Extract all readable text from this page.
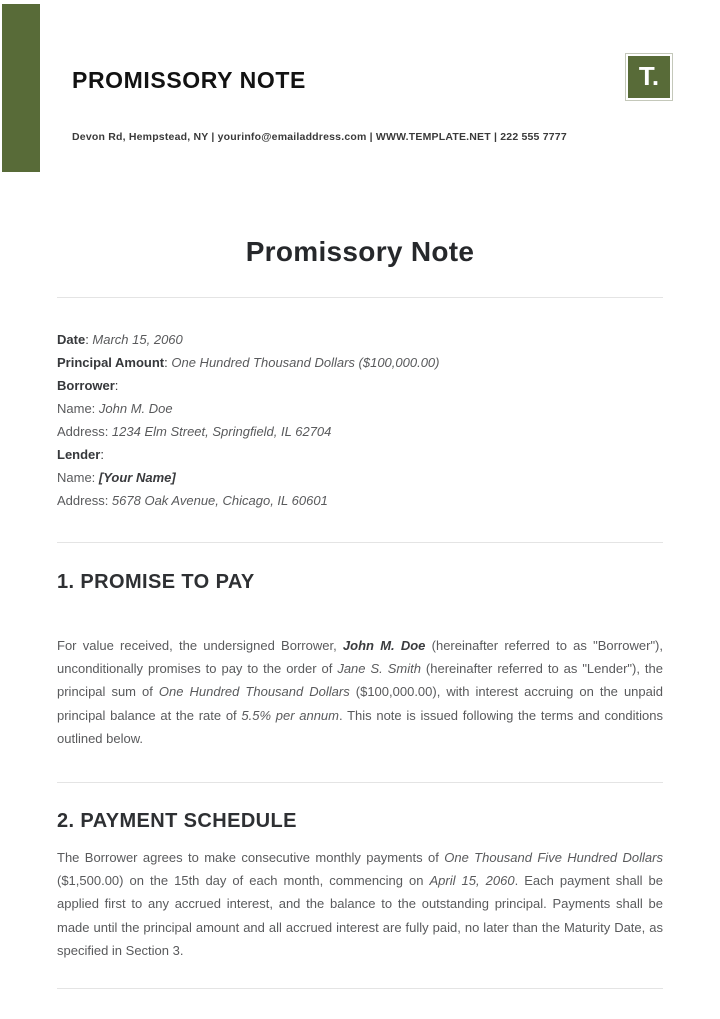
PROMISSORY NOTE
Devon Rd, Hempstead, NY | yourinfo@emailaddress.com | WWW.TEMPLATE.NET | 222 555 7777
T.
Promissory Note
Date: March 15, 2060
Principal Amount: One Hundred Thousand Dollars ($100,000.00)
Borrower:
Name: John M. Doe
Address: 1234 Elm Street, Springfield, IL 62704
Lender:
Name: [Your Name]
Address: 5678 Oak Avenue, Chicago, IL 60601
1. PROMISE TO PAY

For value received, the undersigned Borrower, John M. Doe (hereinafter referred to as "Borrower"), unconditionally promises to pay to the order of Jane S. Smith (hereinafter referred to as "Lender"), the principal sum of One Hundred Thousand Dollars ($100,000.00), with interest accruing on the unpaid principal balance at the rate of 5.5% per annum. This note is issued following the terms and conditions outlined below.

2. PAYMENT SCHEDULE

The Borrower agrees to make consecutive monthly payments of One Thousand Five Hundred Dollars ($1,500.00) on the 15th day of each month, commencing on April 15, 2060. Each payment shall be applied first to any accrued interest, and the balance to the outstanding principal. Payments shall be made until the principal amount and all accrued interest are fully paid, no later than the Maturity Date, as specified in Section 3.
